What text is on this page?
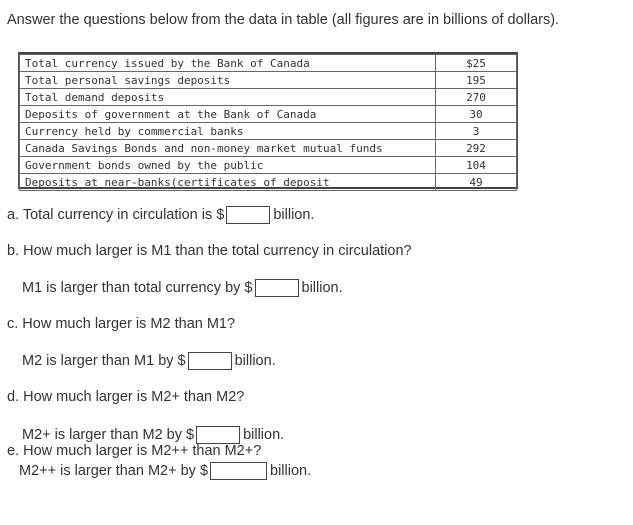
Answer the questions below from the data in table (all figures are in billions of dollars).
Total currency issued by the Bank of Canada	$25
Total personal savings deposits	195
Total demand deposits	270
Deposits of government at the Bank of Canada	30
Currency held by commercial banks	3
Canada Savings Bonds and non-money market mutual funds	292
Government bonds owned by the public	104
Deposits at near-banks(certificates of deposit	49
a. Total currency in circulation is $	billion.
b. How much larger is M1 than the total currency in circulation?
M1 is larger than total currency by $	billion.
c. How much larger is M2 than M1?
M2 is larger than M1 by $	billion.
d. How much larger is M2+ than M2?
M2+ is larger than M2 by $	billion.
e. How much larger is M2++ than M2+?
M2++ is larger than M2+ by $	billion.
